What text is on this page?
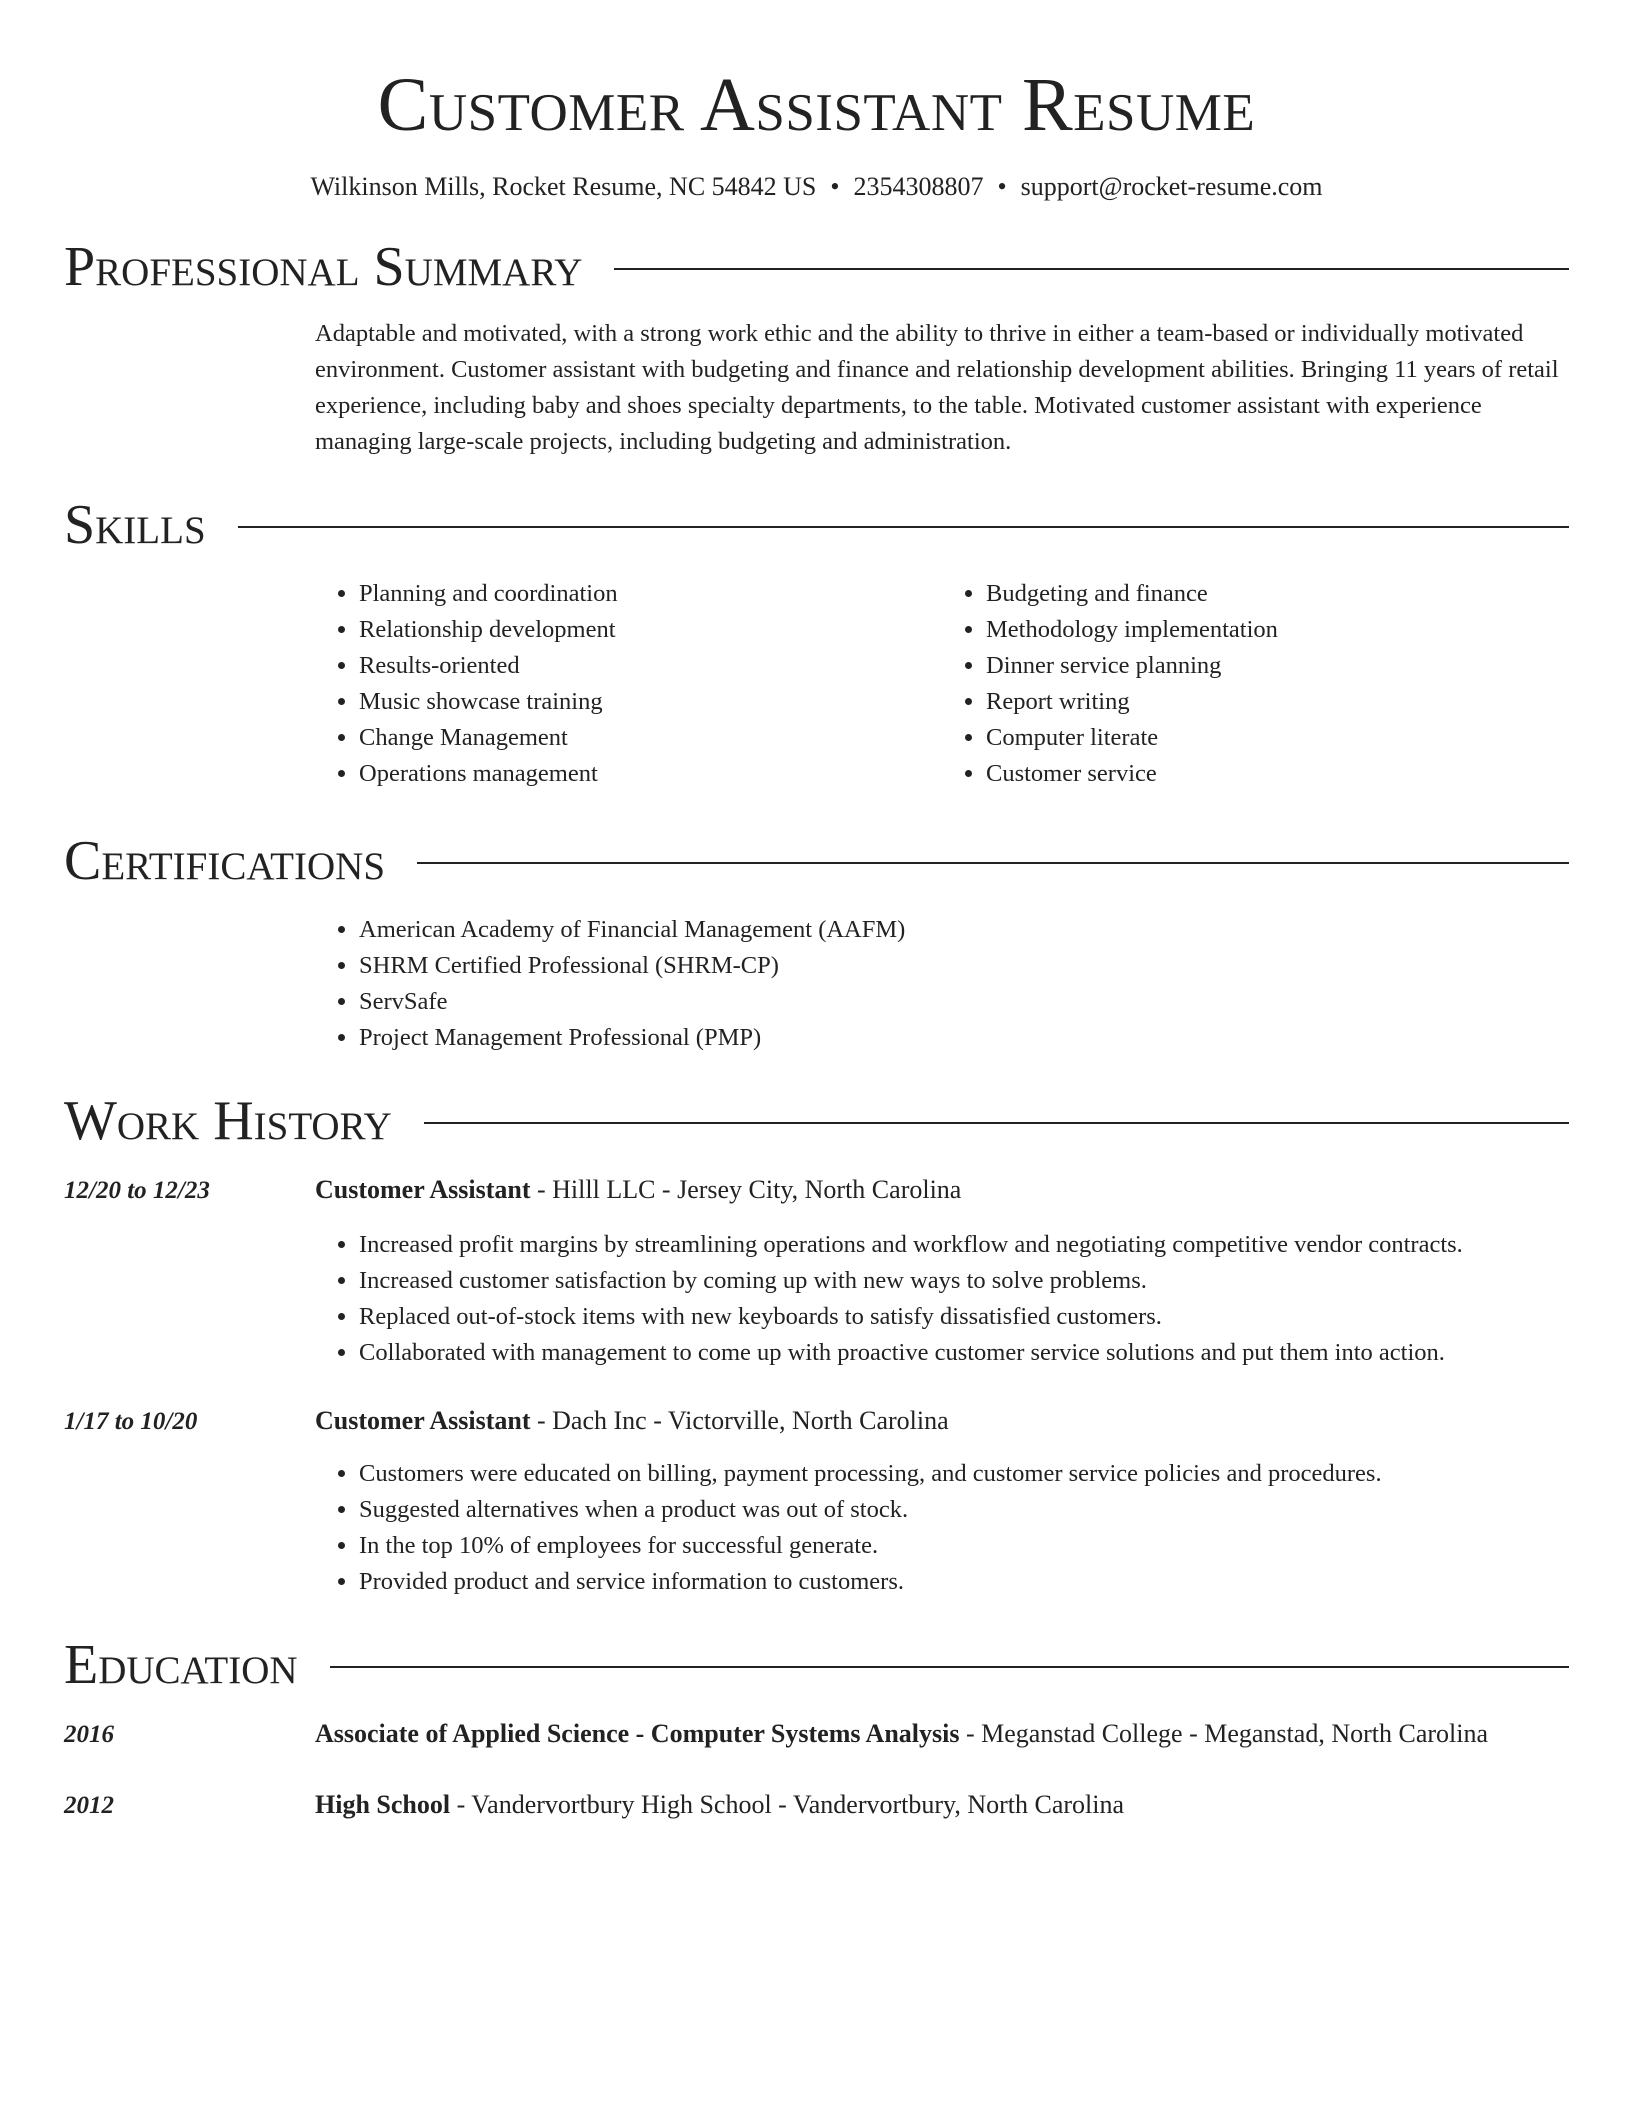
Customer Assistant Resume
Wilkinson Mills, Rocket Resume, NC 54842 US • 2354308807 • support@rocket-resume.com
Professional Summary

Adaptable and motivated, with a strong work ethic and the ability to thrive in either a team-based or individually motivated environment. Customer assistant with budgeting and finance and relationship development abilities. Bringing 11 years of retail experience, including baby and shoes specialty departments, to the table. Motivated customer assistant with experience managing large-scale projects, including budgeting and administration.

Skills
• Planning and coordination
• Relationship development
• Results-oriented
• Music showcase training
• Change Management
• Operations management
• Budgeting and finance
• Methodology implementation
• Dinner service planning
• Report writing
• Computer literate
• Customer service
Certifications
• American Academy of Financial Management (AAFM)
• SHRM Certified Professional (SHRM-CP)
• ServSafe
• Project Management Professional (PMP)
Work History
12/20 to 12/23	Customer Assistant - Hilll LLC - Jersey City, North Carolina
• Increased profit margins by streamlining operations and workflow and negotiating competitive vendor contracts.
• Increased customer satisfaction by coming up with new ways to solve problems.
• Replaced out-of-stock items with new keyboards to satisfy dissatisfied customers.
• Collaborated with management to come up with proactive customer service solutions and put them into action.
1/17 to 10/20	Customer Assistant - Dach Inc - Victorville, North Carolina
• Customers were educated on billing, payment processing, and customer service policies and procedures.
• Suggested alternatives when a product was out of stock.
• In the top 10% of employees for successful generate.
• Provided product and service information to customers.
Education
2016	Associate of Applied Science - Computer Systems Analysis - Meganstad College - Meganstad, North Carolina
2012	High School - Vandervortbury High School - Vandervortbury, North Carolina
